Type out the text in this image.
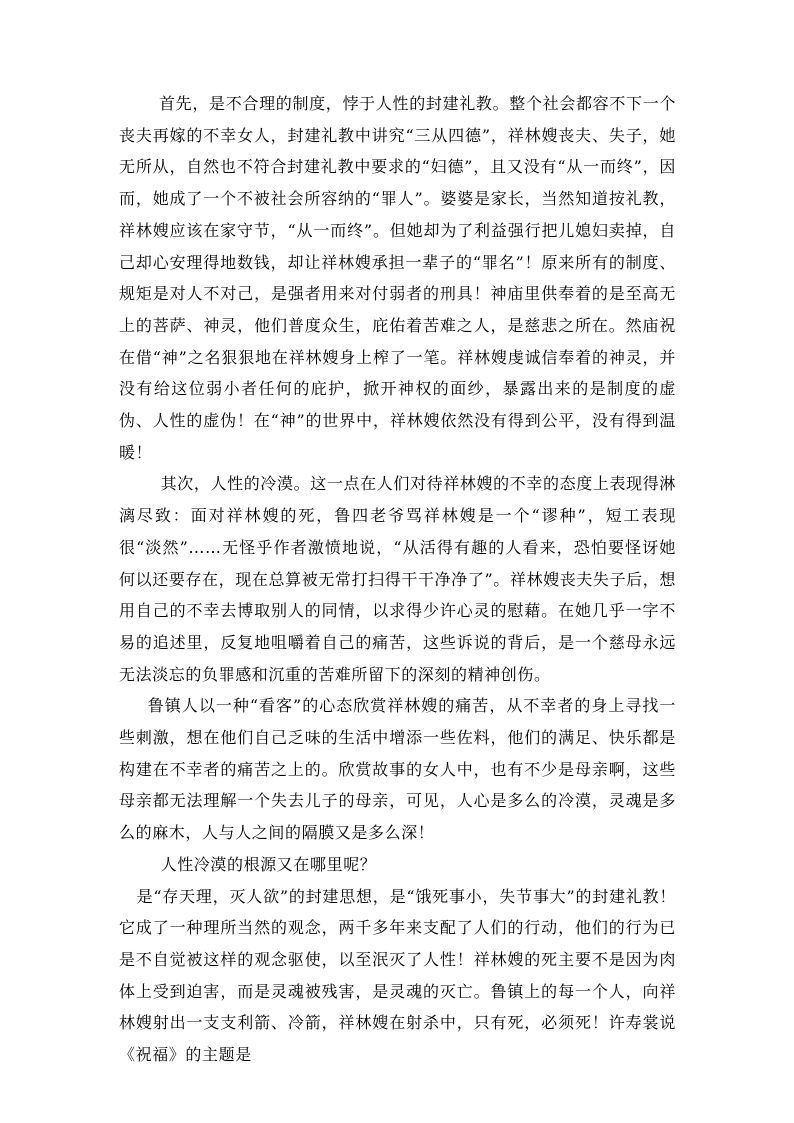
首先，是不合理的制度，悖于人性的封建礼教。整个社会都容不下一个丧夫再嫁的不幸女人，封建礼教中讲究“三从四德”，祥林嫂丧夫、失子，她无所从，自然也不符合封建礼教中要求的“妇德”，且又没有“从一而终”，因而，她成了一个不被社会所容纳的“罪人”。婆婆是家长，当然知道按礼教，祥林嫂应该在家守节，“从一而终”。但她却为了利益强行把儿媳妇卖掉，自己却心安理得地数钱，却让祥林嫂承担一辈子的“罪名”！原来所有的制度、规矩是对人不对己，是强者用来对付弱者的刑具！神庙里供奉着的是至高无上的菩萨、神灵，他们普度众生，庇佑着苦难之人，是慈悲之所在。然庙祝在借“神”之名狠狠地在祥林嫂身上榨了一笔。祥林嫂虔诚信奉着的神灵，并没有给这位弱小者任何的庇护，掀开神权的面纱，暴露出来的是制度的虚伪、人性的虚伪！在“神”的世界中，祥林嫂依然没有得到公平，没有得到温暖！

其次，人性的冷漠。这一点在人们对待祥林嫂的不幸的态度上表现得淋漓尽致：面对祥林嫂的死，鲁四老爷骂祥林嫂是一个“谬种”，短工表现很“淡然”……无怪乎作者激愤地说，“从活得有趣的人看来，恐怕要怪讶她何以还要存在，现在总算被无常打扫得干干净净了”。祥林嫂丧夫失子后，想用自己的不幸去博取别人的同情，以求得少许心灵的慰藉。在她几乎一字不易的追述里，反复地咀嚼着自己的痛苦，这些诉说的背后，是一个慈母永远无法淡忘的负罪感和沉重的苦难所留下的深刻的精神创伤。

鲁镇人以一种“看客”的心态欣赏祥林嫂的痛苦，从不幸者的身上寻找一些刺激，想在他们自己乏味的生活中增添一些佐料，他们的满足、快乐都是构建在不幸者的痛苦之上的。欣赏故事的女人中，也有不少是母亲啊，这些母亲都无法理解一个失去儿子的母亲，可见，人心是多么的冷漠，灵魂是多么的麻木，人与人之间的隔膜又是多么深！

人性冷漠的根源又在哪里呢？

是“存天理，灭人欲”的封建思想，是“饿死事小，失节事大”的封建礼教！它成了一种理所当然的观念，两千多年来支配了人们的行动，他们的行为已是不自觉被这样的观念驱使，以至泯灭了人性！祥林嫂的死主要不是因为肉体上受到迫害，而是灵魂被残害，是灵魂的灭亡。鲁镇上的每一个人，向祥林嫂射出一支支利箭、冷箭，祥林嫂在射杀中，只有死，必须死！许寿裳说《祝福》的主题是
